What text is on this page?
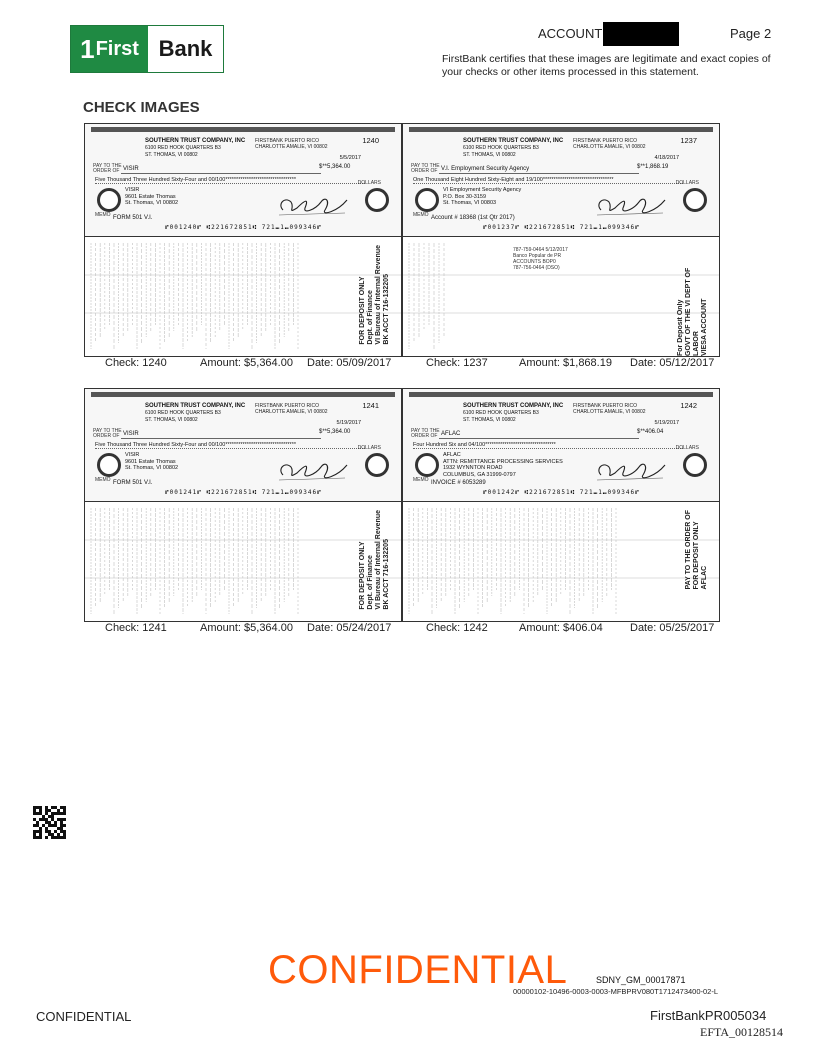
1 First Bank
ACCOUNT	Page 2
FirstBank certifies that these images are legitimate and exact copies of your checks or other items processed in this statement.
CHECK IMAGES
SOUTHERN TRUST COMPANY, INC
6100 RED HOOK QUARTERS B3
ST. THOMAS, VI 00802
FIRSTBANK PUERTO RICO
CHARLOTTE AMALIE, VI 00802
1240
5/5/2017
PAY TO THE ORDER OF VISIR	$**5,364.00
Five Thousand Three Hundred Sixty-Four and 00/100*********************************	DOLLARS
VISIR
9601 Estate Thomas
St. Thomas, VI 00802
MEMO FORM 501 V.I.
⑈001240⑈ ⑆221672851⑆ 721⑉1⑉099346⑈
FOR DEPOSIT ONLY Dept. of Finance VI Bureau of Internal Revenue BK ACCT 716-132205
Check: 1240	Amount: $5,364.00 Date: 05/09/2017
SOUTHERN TRUST COMPANY, INC
6100 RED HOOK QUARTERS B3
ST. THOMAS, VI 00802
FIRSTBANK PUERTO RICO
CHARLOTTE AMALIE, VI 00802
1237
4/18/2017
PAY TO THE ORDER OF V.I. Employment Security Agency	$**1,868.19
One Thousand Eight Hundred Sixty-Eight and 19/100*********************************	DOLLARS
VI Employment Security Agency
P.O. Box 30-3159
St. Thomas, VI 00803
MEMO Account # 18368 (1st Qtr 2017)
⑈001237⑈ ⑆221672851⑆ 721⑉1⑉099346⑈
787-759-0464 5/12/2017
Banco Popular de PR
ACCOUNTS BOP0
787-756-0464 (DSO)
For Deposit Only GOVT OF THE VI DEPT OF LABOR VIESA ACCOUNT
Check: 1237	Amount: $1,868.19 Date: 05/12/2017
SOUTHERN TRUST COMPANY, INC
6100 RED HOOK QUARTERS B3
ST. THOMAS, VI 00802
FIRSTBANK PUERTO RICO
CHARLOTTE AMALIE, VI 00802
1241
5/19/2017
PAY TO THE ORDER OF VISIR	$**5,364.00
Five Thousand Three Hundred Sixty-Four and 00/100*********************************	DOLLARS
VISIR
9601 Estate Thomas
St. Thomas, VI 00802
MEMO FORM 501 V.I.
⑈001241⑈ ⑆221672851⑆ 721⑉1⑉099346⑈
FOR DEPOSIT ONLY Dept. of Finance VI Bureau of Internal Revenue BK ACCT 716-132205
Check: 1241	Amount: $5,364.00 Date: 05/24/2017
SOUTHERN TRUST COMPANY, INC
6100 RED HOOK QUARTERS B3
ST. THOMAS, VI 00802
FIRSTBANK PUERTO RICO
CHARLOTTE AMALIE, VI 00802
1242
5/19/2017
PAY TO THE ORDER OF AFLAC	$**406.04
Four Hundred Six and 04/100*********************************	DOLLARS
AFLAC
ATTN: REMITTANCE PROCESSING SERVICES
1932 WYNNTON ROAD
COLUMBUS, GA 31999-0797
MEMO INVOICE # 6053289
⑈001242⑈ ⑆221672851⑆ 721⑉1⑉099346⑈
PAY TO THE ORDER OF FOR DEPOSIT ONLY AFLAC
Check: 1242	Amount: $406.04 Date: 05/25/2017
CONFIDENTIAL	SDNY_GM_00017871
00000102-10496-0003-0003-MFBPRV080T1712473400-02-L
CONFIDENTIAL	FirstBankPR005034
EFTA_00128514
